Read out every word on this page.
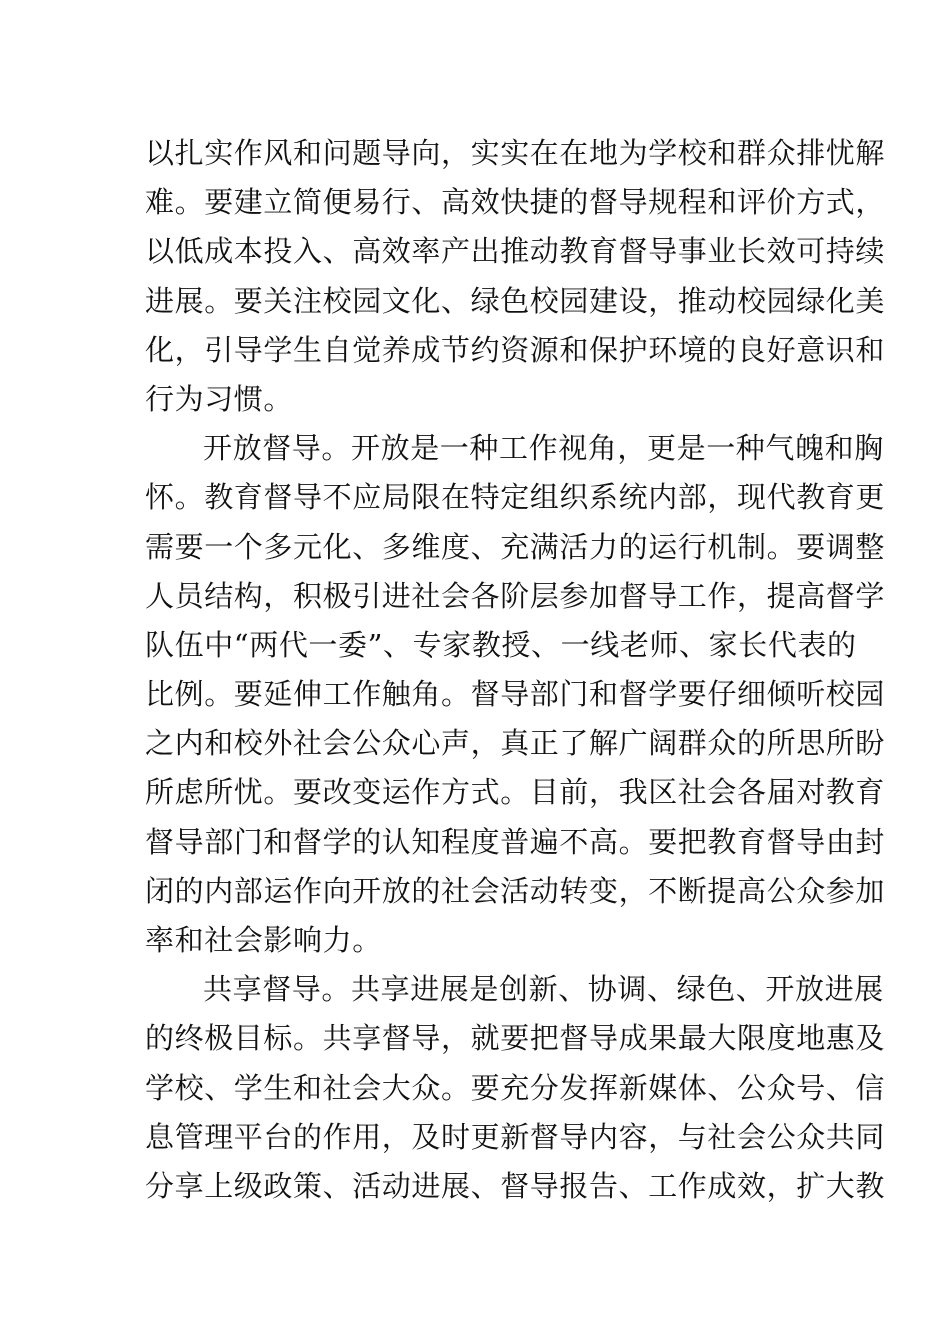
以扎实作风和问题导向，实实在在地为学校和群众排忧解
难。要建立简便易行、高效快捷的督导规程和评价方式，
以低成本投入、高效率产出推动教育督导事业长效可持续
进展。要关注校园文化、绿色校园建设，推动校园绿化美
化，引导学生自觉养成节约资源和保护环境的良好意识和
行为习惯。
开放督导。开放是一种工作视角，更是一种气魄和胸
怀。教育督导不应局限在特定组织系统内部，现代教育更
需要一个多元化、多维度、充满活力的运行机制。要调整
人员结构，积极引进社会各阶层参加督导工作，提高督学
队伍中“两代一委”、专家教授、一线老师、家长代表的
比例。要延伸工作触角。督导部门和督学要仔细倾听校园
之内和校外社会公众心声，真正了解广阔群众的所思所盼
所虑所忧。要改变运作方式。目前，我区社会各届对教育
督导部门和督学的认知程度普遍不高。要把教育督导由封
闭的内部运作向开放的社会活动转变，不断提高公众参加
率和社会影响力。
共享督导。共享进展是创新、协调、绿色、开放进展
的终极目标。共享督导，就要把督导成果最大限度地惠及
学校、学生和社会大众。要充分发挥新媒体、公众号、信
息管理平台的作用，及时更新督导内容，与社会公众共同
分享上级政策、活动进展、督导报告、工作成效，扩大教
